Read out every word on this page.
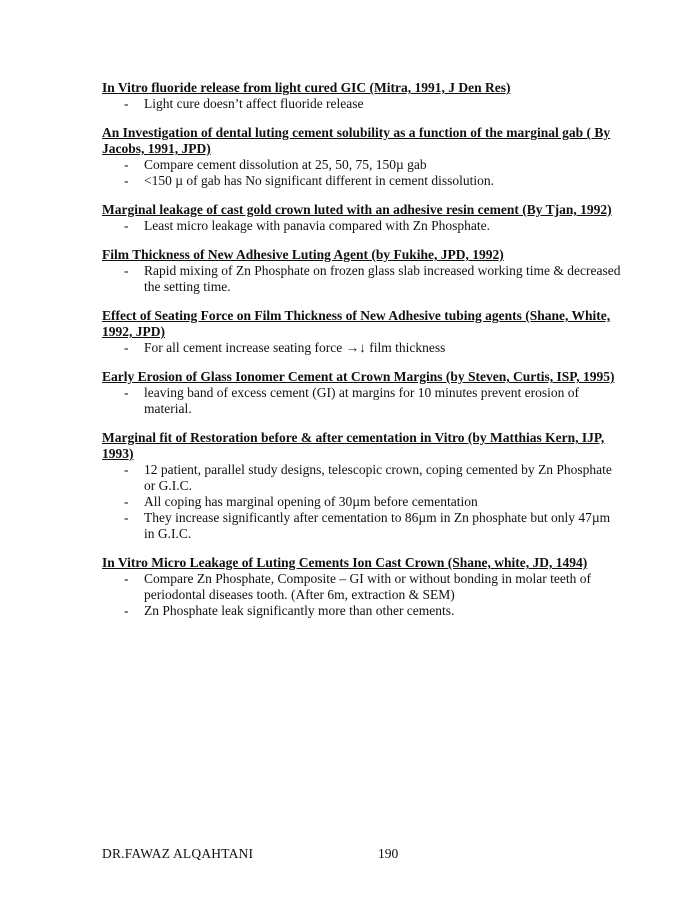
In Vitro fluoride release from light cured GIC (Mitra, 1991, J Den Res)

- Light cure doesn’t affect fluoride release

An Investigation of dental luting cement solubility as a function of the marginal gab ( By Jacobs, 1991, JPD)

- Compare cement dissolution at 25, 50, 75, 150µ gab
- <150 µ of gab has No significant different in cement dissolution.

Marginal leakage of cast gold crown luted with an adhesive resin cement (By Tjan, 1992)

- Least micro leakage with panavia compared with Zn Phosphate.

Film Thickness of New Adhesive Luting Agent (by Fukihe, JPD, 1992)

- Rapid mixing of Zn Phosphate on frozen glass slab increased working time & decreased the setting time.

Effect of Seating Force on Film Thickness of New Adhesive tubing agents (Shane, White, 1992, JPD)

- For all cement increase seating force →↓ film thickness

Early Erosion of Glass Ionomer Cement at Crown Margins (by Steven, Curtis, ISP, 1995)

- leaving band of excess cement (GI) at margins for 10 minutes prevent erosion of material.

Marginal fit of Restoration before & after cementation in Vitro (by Matthias Kern, IJP, 1993)

- 12 patient, parallel study designs, telescopic crown, coping cemented by Zn Phosphate or G.I.C.
- All coping has marginal opening of 30µm before cementation
- They increase significantly after cementation to 86µm in Zn phosphate but only 47µm in G.I.C.

In Vitro Micro Leakage of Luting Cements Ion Cast Crown (Shane, white, JD, 1494)

- Compare Zn Phosphate, Composite – GI with or without bonding in molar teeth of periodontal diseases tooth. (After 6m, extraction & SEM)
- Zn Phosphate leak significantly more than other cements.
DR.FAWAZ ALQAHTANI	190
